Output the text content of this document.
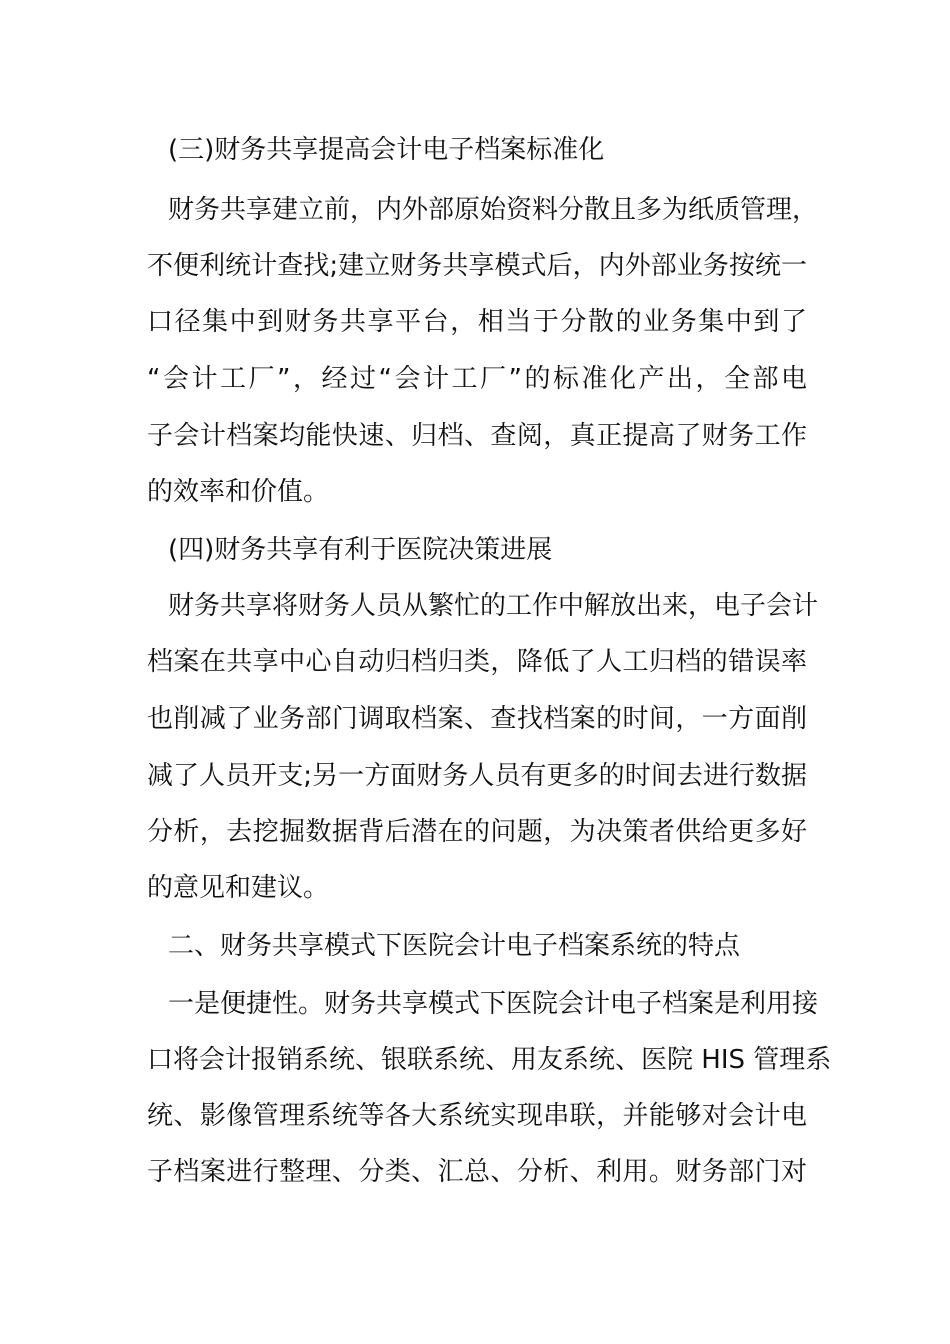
(三)财务共享提高会计电子档案标准化
财务共享建立前，内外部原始资料分散且多为纸质管理，
不便利统计查找;建立财务共享模式后，内外部业务按统一
口径集中到财务共享平台，相当于分散的业务集中到了
“会计工厂”，经过“会计工厂”的标准化产出，全部电
子会计档案均能快速、归档、查阅，真正提高了财务工作
的效率和价值。
(四)财务共享有利于医院决策进展
财务共享将财务人员从繁忙的工作中解放出来，电子会计
档案在共享中心自动归档归类，降低了人工归档的错误率
也削减了业务部门调取档案、查找档案的时间，一方面削
减了人员开支;另一方面财务人员有更多的时间去进行数据
分析，去挖掘数据背后潜在的问题，为决策者供给更多好
的意见和建议。
二、财务共享模式下医院会计电子档案系统的特点
一是便捷性。财务共享模式下医院会计电子档案是利用接
口将会计报销系统、银联系统、用友系统、医院 HIS 管理系
统、影像管理系统等各大系统实现串联，并能够对会计电
子档案进行整理、分类、汇总、分析、利用。财务部门对
